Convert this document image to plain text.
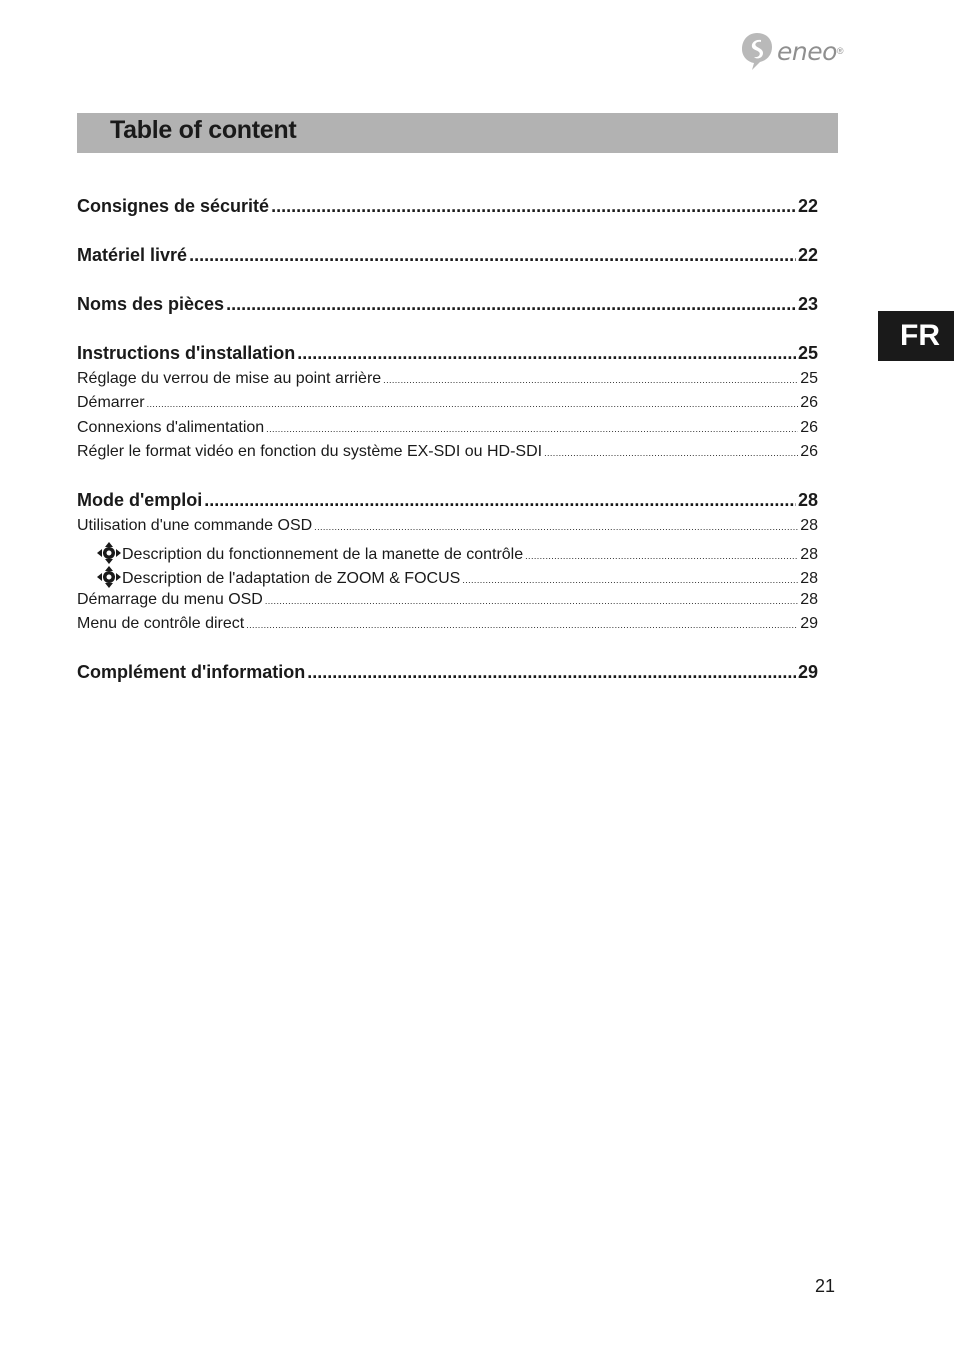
eneo ®
Table of content
FR
Consignes de sécurité .....	22
Matériel livré .....	22
Noms des pièces .....	23
Instructions d'installation .....	25
Réglage du verrou de mise au point arrière .....	25
Démarrer .....	26
Connexions d'alimentation .....	26
Régler le format vidéo en fonction du système EX-SDI ou HD-SDI .....	26
Mode d'emploi .....	28
Utilisation d'une commande OSD .....	28
Description du fonctionnement de la manette de contrôle .....	28
Description de l'adaptation de ZOOM & FOCUS .....	28
Démarrage du menu OSD .....	28
Menu de contrôle direct .....	29
Complément d'information .....	29
21
